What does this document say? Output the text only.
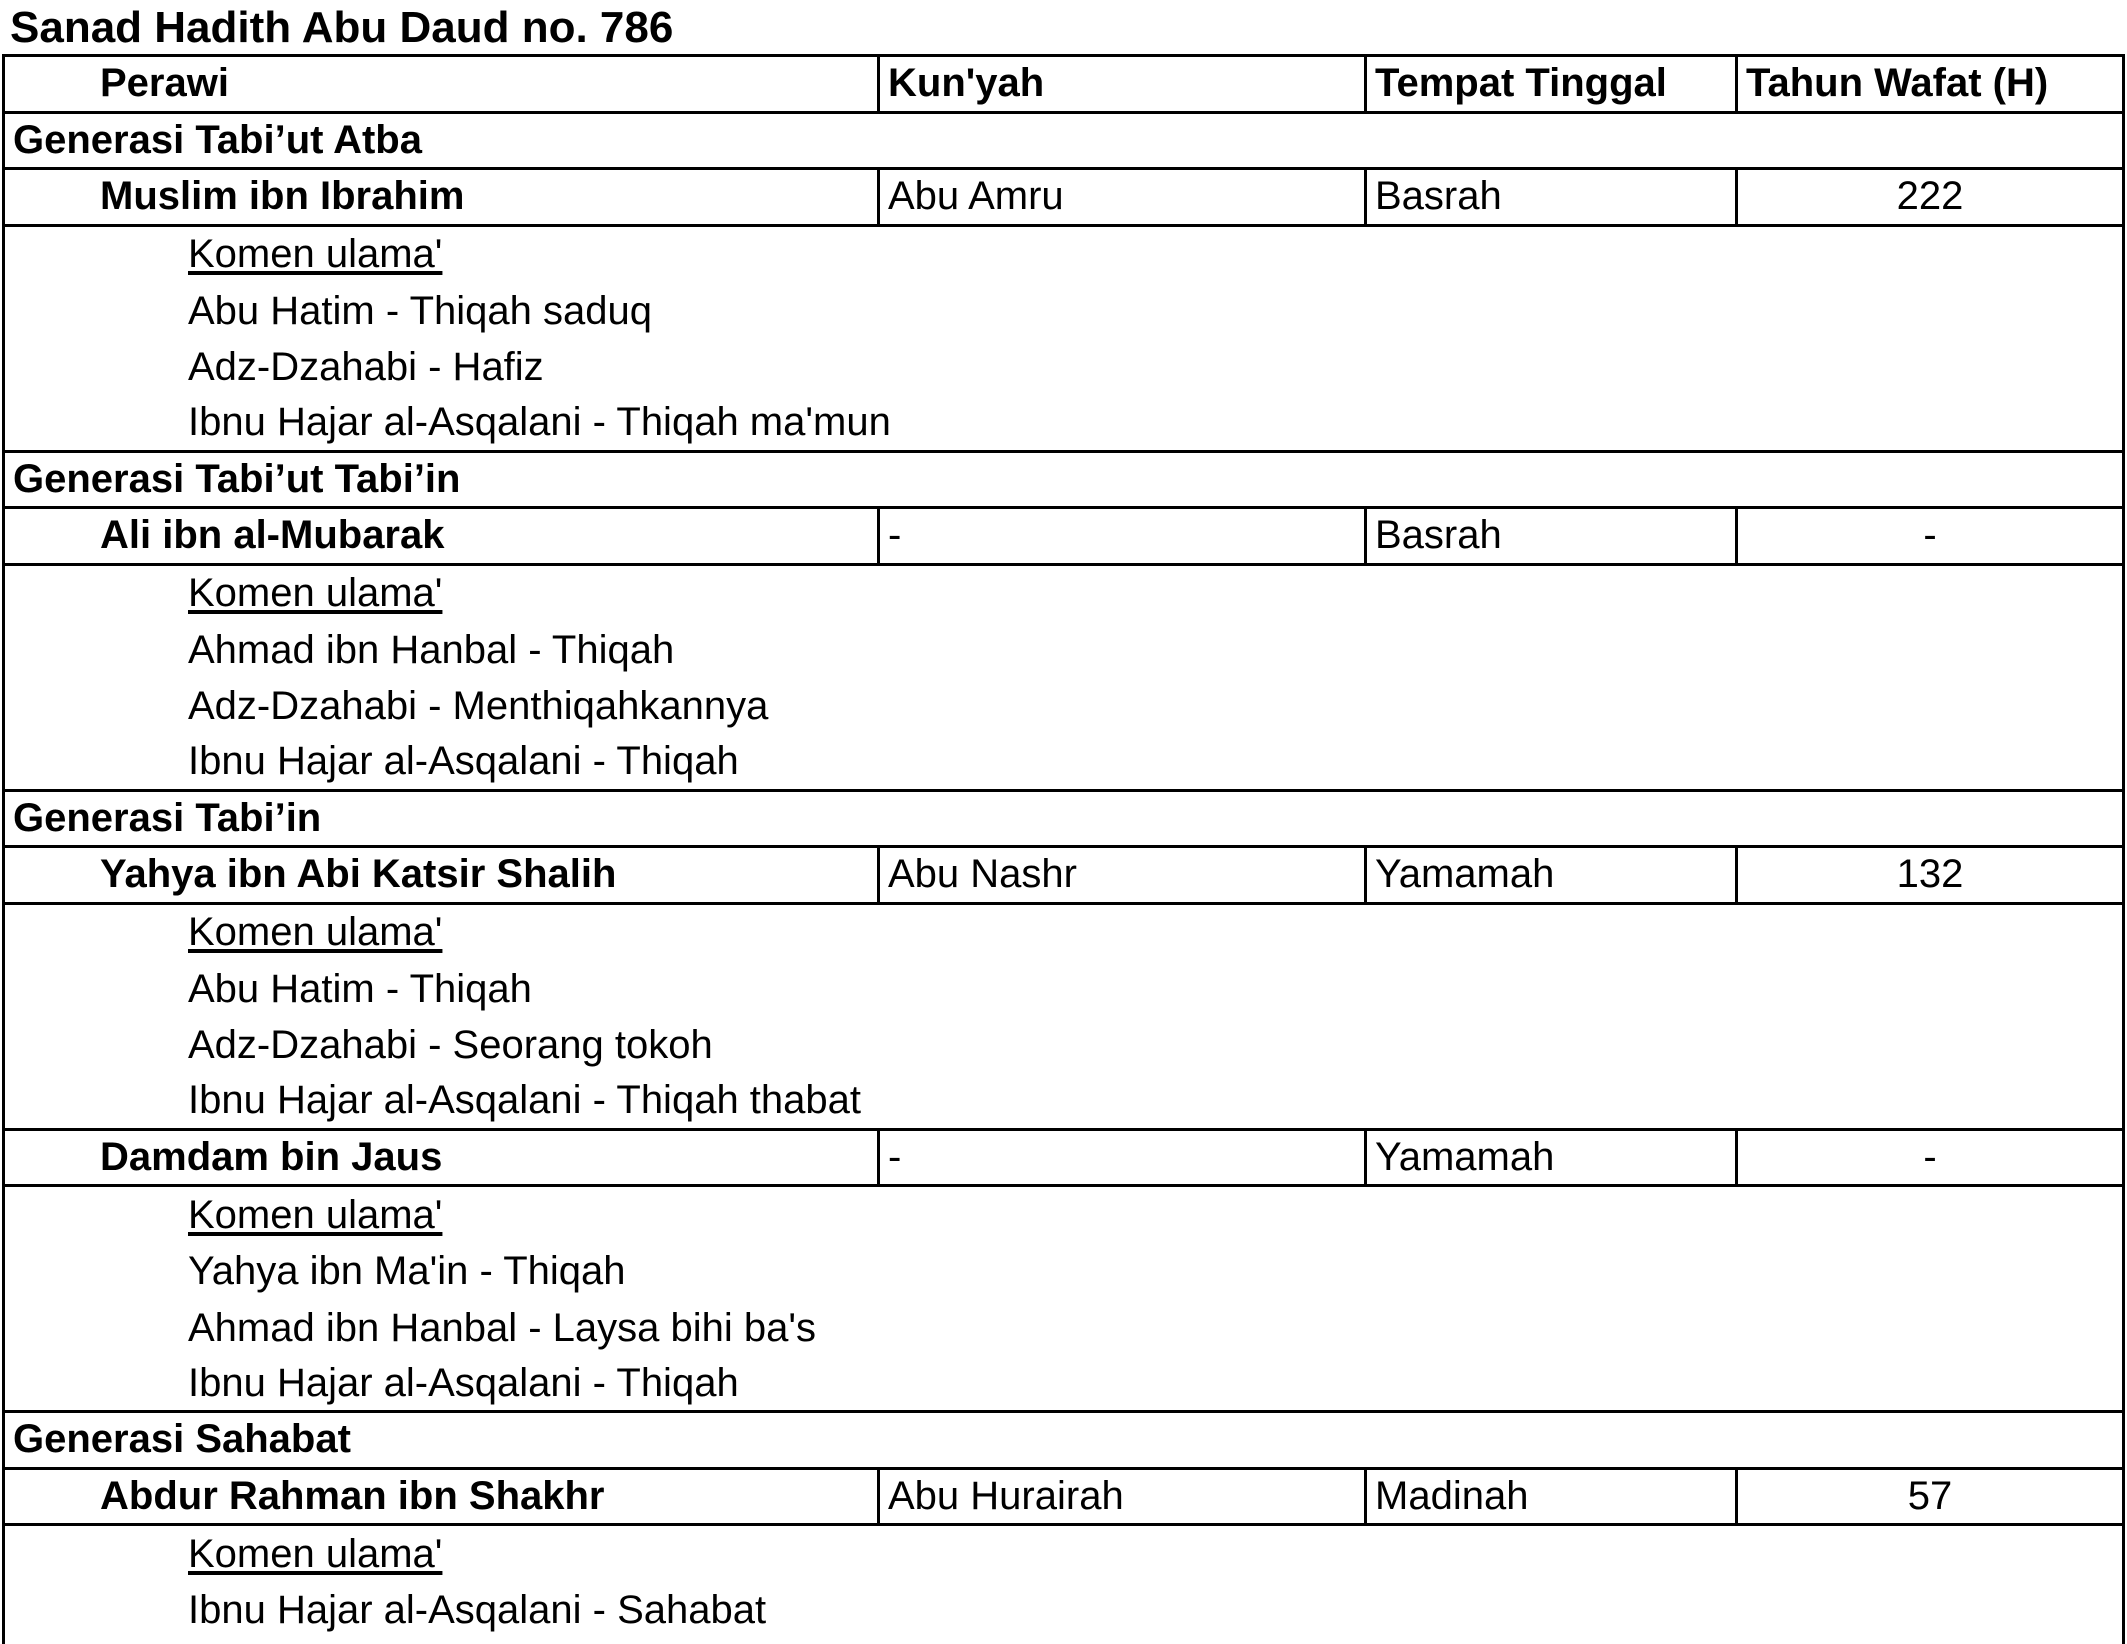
Sanad Hadith Abu Daud no. 786
Perawi	Kun'yah	Tempat Tinggal	Tahun Wafat (H)
Generasi Tabi’ut Atba
Muslim ibn Ibrahim	Abu Amru	Basrah	222
Komen ulama'
Abu Hatim - Thiqah saduq
Adz-Dzahabi - Hafiz
Ibnu Hajar al-Asqalani - Thiqah ma'mun
Generasi Tabi’ut Tabi’in
Ali ibn al-Mubarak	-	Basrah	-
Komen ulama'
Ahmad ibn Hanbal - Thiqah
Adz-Dzahabi - Menthiqahkannya
Ibnu Hajar al-Asqalani - Thiqah
Generasi Tabi’in
Yahya ibn Abi Katsir Shalih	Abu Nashr	Yamamah	132
Komen ulama'
Abu Hatim - Thiqah
Adz-Dzahabi - Seorang tokoh
Ibnu Hajar al-Asqalani - Thiqah thabat
Damdam bin Jaus	-	Yamamah	-
Komen ulama'
Yahya ibn Ma'in - Thiqah
Ahmad ibn Hanbal - Laysa bihi ba's
Ibnu Hajar al-Asqalani - Thiqah
Generasi Sahabat
Abdur Rahman ibn Shakhr	Abu Hurairah	Madinah	57
Komen ulama'
Ibnu Hajar al-Asqalani - Sahabat
